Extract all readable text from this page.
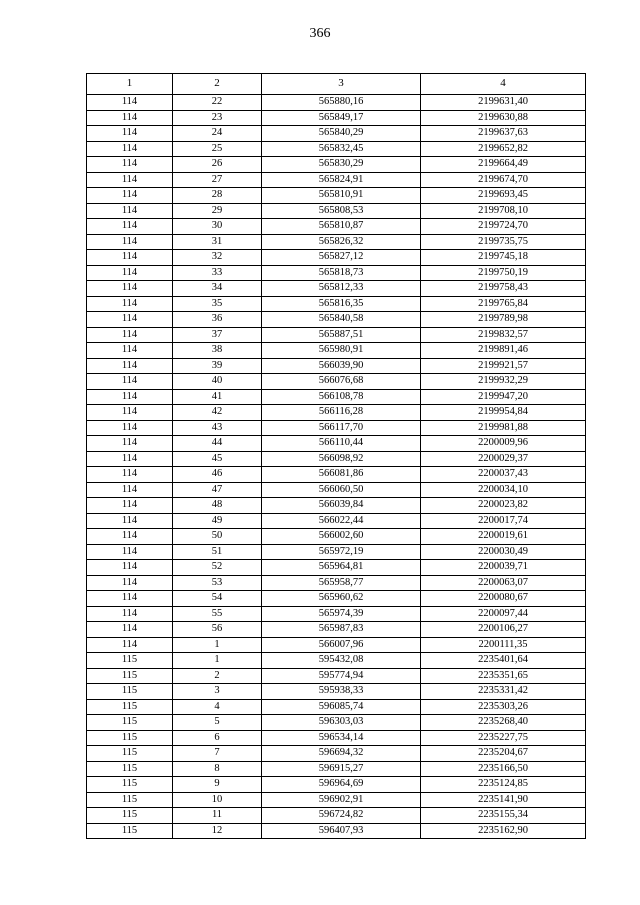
366
1	2	3	4
114	22	565880,16	2199631,40
114	23	565849,17	2199630,88
114	24	565840,29	2199637,63
114	25	565832,45	2199652,82
114	26	565830,29	2199664,49
114	27	565824,91	2199674,70
114	28	565810,91	2199693,45
114	29	565808,53	2199708,10
114	30	565810,87	2199724,70
114	31	565826,32	2199735,75
114	32	565827,12	2199745,18
114	33	565818,73	2199750,19
114	34	565812,33	2199758,43
114	35	565816,35	2199765,84
114	36	565840,58	2199789,98
114	37	565887,51	2199832,57
114	38	565980,91	2199891,46
114	39	566039,90	2199921,57
114	40	566076,68	2199932,29
114	41	566108,78	2199947,20
114	42	566116,28	2199954,84
114	43	566117,70	2199981,88
114	44	566110,44	2200009,96
114	45	566098,92	2200029,37
114	46	566081,86	2200037,43
114	47	566060,50	2200034,10
114	48	566039,84	2200023,82
114	49	566022,44	2200017,74
114	50	566002,60	2200019,61
114	51	565972,19	2200030,49
114	52	565964,81	2200039,71
114	53	565958,77	2200063,07
114	54	565960,62	2200080,67
114	55	565974,39	2200097,44
114	56	565987,83	2200106,27
114	1	566007,96	2200111,35
115	1	595432,08	2235401,64
115	2	595774,94	2235351,65
115	3	595938,33	2235331,42
115	4	596085,74	2235303,26
115	5	596303,03	2235268,40
115	6	596534,14	2235227,75
115	7	596694,32	2235204,67
115	8	596915,27	2235166,50
115	9	596964,69	2235124,85
115	10	596902,91	2235141,90
115	11	596724,82	2235155,34
115	12	596407,93	2235162,90
